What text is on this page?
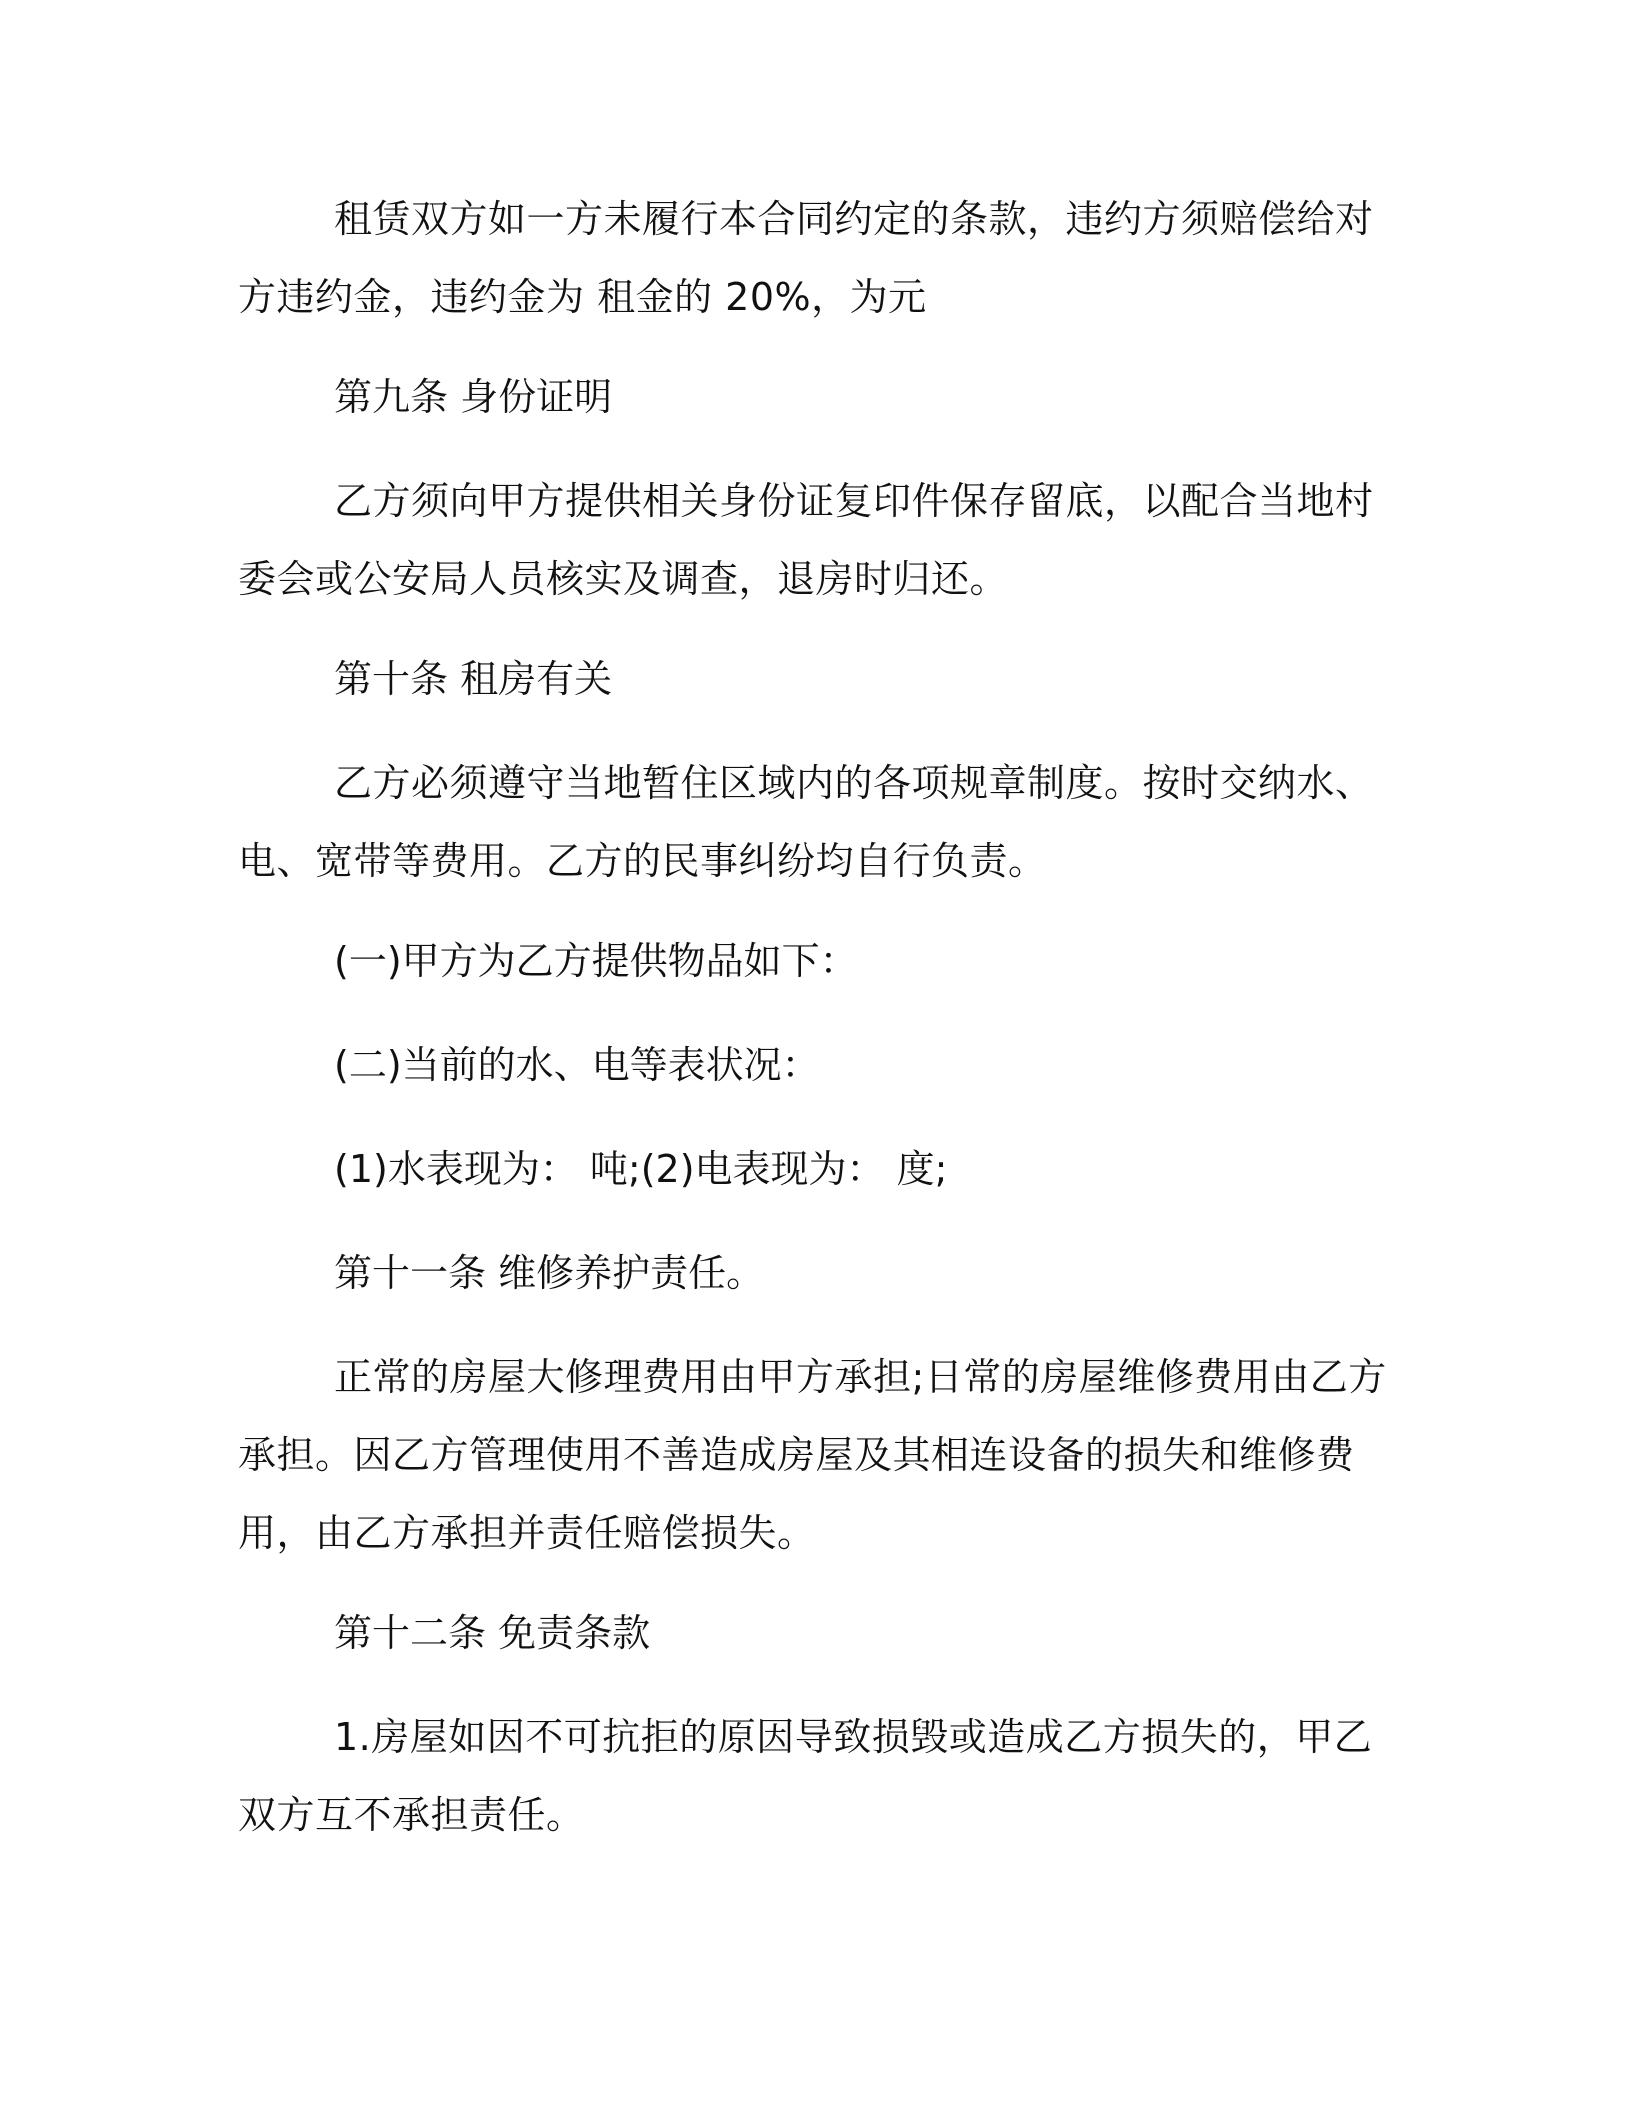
租赁双方如一方未履行本合同约定的条款，违约方须赔偿给对方违约金，违约金为 租金的 20%，为元

第九条 身份证明

乙方须向甲方提供相关身份证复印件保存留底，以配合当地村委会或公安局人员核实及调查，退房时归还。

第十条 租房有关

乙方必须遵守当地暂住区域内的各项规章制度。按时交纳水、电、宽带等费用。乙方的民事纠纷均自行负责。

(一)甲方为乙方提供物品如下：

(二)当前的水、电等表状况：

(1)水表现为： 吨;(2)电表现为： 度;

第十一条 维修养护责任。

正常的房屋大修理费用由甲方承担;日常的房屋维修费用由乙方承担。因乙方管理使用不善造成房屋及其相连设备的损失和维修费用，由乙方承担并责任赔偿损失。

第十二条 免责条款

1.房屋如因不可抗拒的原因导致损毁或造成乙方损失的，甲乙双方互不承担责任。
